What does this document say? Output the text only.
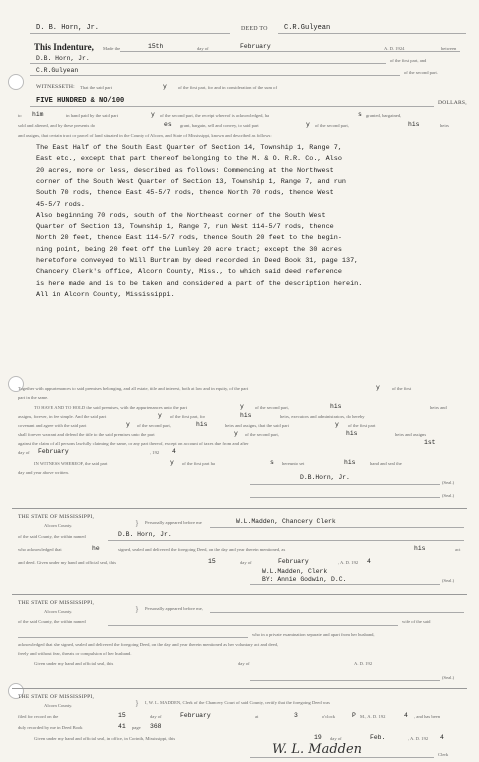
D. B. Horn, Jr.	DEED TO C.R.Gulyean
This Indenture, Made the	15th	day of	February	A. D. 1924	between
D.B. Horn, Jr.	of the first part, and
C.R.Gulyean	of the second part.
WITNESSETH: That the said part	y of the first part, for and in consideration of the sum of
FIVE HUNDRED & NO/100	DOLLARS,
to him	in hand paid by the said part	y of the second part, the receipt whereof is acknowledged, ha	s granted, bargained,
sold and aliened, and by these presents do	es grant, bargain, sell and convey, to said part	y of the second part,	his	heirs
and assigns, that certain tract or parcel of land situated in the County of Alcorn, and State of Mississippi, known and described as follows:
The East Half of the South East Quarter of Section 14, Township 1, Range 7,
East etc., except that part thereof belonging to the M. & O. R.R. Co., Also
20 acres, more or less, described as follows: Commencing at the Northwest
corner of the South West Quarter of Section 13, Township 1, Range 7, and run
South 70 rods, thence East 45-5/7 rods, thence North 70 rods, thence West
45-5/7 rods.
Also beginning 70 rods, south of the Northeast corner of the South West
Quarter of Section 13, Township 1, Range 7, run West 114-5/7 rods, thence
North 20 feet, thence East 114-5/7 rods, thence South 20 feet to the begin-
ning point, being 20 feet off the Lumley 20 acre tract; except the 30 acres
heretofore conveyed to Will Burtram by deed recorded in Deed Book 31, page 137,
Chancery Clerk's office, Alcorn County, Miss., to which said deed reference
is here made and is to be taken and considered a part of the description herein.
All in Alcorn County, Mississippi.
Together with appurtenances to said premises belonging, and all estate, title and interest, both at law and in equity, of the part	y	of the first
part in the same.
TO HAVE AND TO HOLD the said premises, with the appurtenances unto the part	y of the second part,	his	heirs and
assigns, forever, in fee simple. And the said part	y of the first part, for	his	heirs, executors and administrators, do hereby
covenant and agree with the said part	y of the second part,	his	heirs and assigns, that the said part	y of the first part
shall forever warrant and defend the title to the said premises unto the part	y of the second part,	his	heirs and assigns
against the claim of all persons lawfully claiming the same, or any part thereof, except on account of taxes due from and after	1st
day of February	, 192 4
IN WITNESS WHEREOF, the said part	y of the first part ha	s hereunto set	his	hand and seal the
day and year above written.
D.B.Horn, Jr.
(Seal.)
(Seal.)
THE STATE OF MISSISSIPPI,
Alcorn County.	} Personally appeared before me	W.L.Madden, Chancery Clerk
of the said County, the within named	D.B. Horn, Jr.
who acknowledged that	he	signed, sealed and delivered the foregoing Deed, on the day and year therein mentioned, as	his	act
and deed. Given under my hand and official seal, this	15	day of	February	, A. D. 192 4
W.L.Madden, Clerk
BY: Annie Godwin, D.C.	(Seal.)
THE STATE OF MISSISSIPPI,
Alcorn County.	} Personally appeared before me,
of the said County, the within named	wife of the said
who in a private examination separate and apart from her husband,
acknowledged that she signed, sealed and delivered the foregoing Deed, on the day and year therein mentioned as her voluntary act and deed,
freely and without fear, threats or compulsion of her husband.
Given under my hand and official seal, this	day of	A. D. 192
(Seal.)
THE STATE OF MISSISSIPPI,
Alcorn County.	} I, W. L. MADDEN, Clerk of the Chancery Court of said County, certify that the foregoing Deed was
filed for record on the	15	day of	February	at	3	o'clock	P M., A. D. 192	4 , and has been
duly recorded by me in Deed Book	41 page 368
Given under my hand and official seal, in office, in Corinth, Mississippi, this	19 day of	Feb.	, A. D. 192 4
W. L. Madden	Clerk
